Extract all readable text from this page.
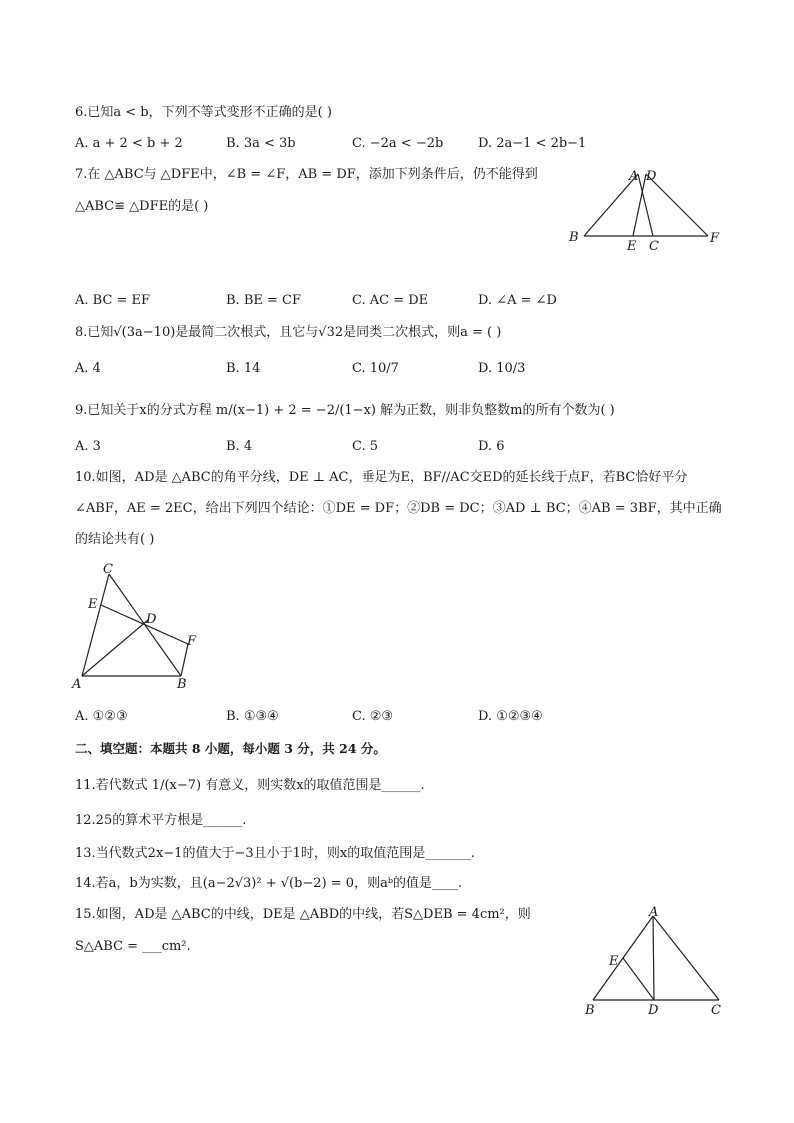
6.已知a < b，下列不等式变形不正确的是( )
A. a + 2 < b + 2	B. 3a < 3b	C. −2a < −2b	D. 2a−1 < 2b−1
7.在 △ABC与 △DFE中，∠B = ∠F，AB = DF，添加下列条件后，仍不能得到
△ABC≌ △DFE的是( )
A D
B
E C
F
A. BC = EF	B. BE = CF	C. AC = DE	D. ∠A = ∠D
8.已知√(3a−10)是最简二次根式，且它与√32是同类二次根式，则a = ( )
A. 4	B. 14	C. 10/7	D. 10/3
9.已知关于x的分式方程 m/(x−1) + 2 = −2/(1−x) 解为正数，则非负整数m的所有个数为( )
A. 3	B. 4	C. 5	D. 6
10.如图，AD是 △ABC的角平分线，DE ⊥ AC，垂足为E，BF//AC交ED的延长线于点F，若BC恰好平分
∠ABF，AE = 2EC，给出下列四个结论：①DE = DF；②DB = DC；③AD ⊥ BC；④AB = 3BF，其中正确
的结论共有( )
C
E
D
F
A	B
A. ①②③	B. ①③④	C. ②③	D. ①②③④
二、填空题：本题共 8 小题，每小题 3 分，共 24 分。
11.若代数式 1/(x−7) 有意义，则实数x的取值范围是______.
12.25的算术平方根是______.
13.当代数式2x−1的值大于−3且小于1时，则x的取值范围是_______.
14.若a，b为实数，且(a−2√3)² + √(b−2) = 0，则aᵇ的值是____.
15.如图，AD是 △ABC的中线，DE是 △ABD的中线，若S△DEB = 4cm²，则
S△ABC = ___cm².
A
E
B	D	C
